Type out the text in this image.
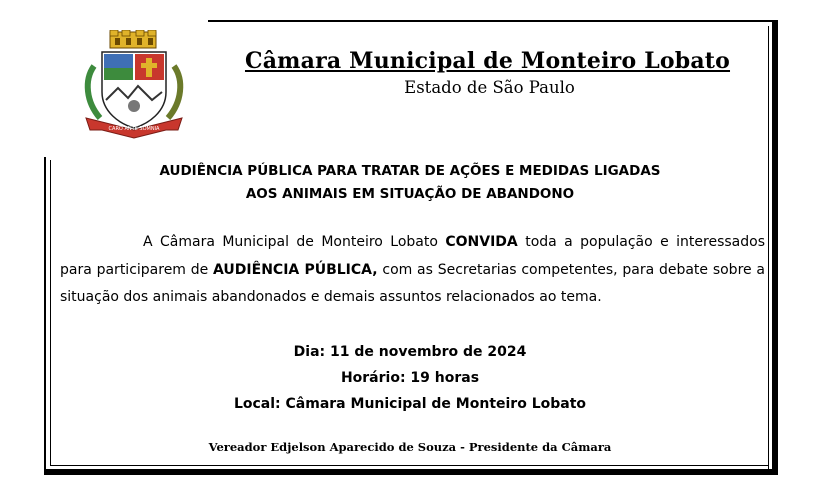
CARO ANTE SOMNIA
Câmara Municipal de Monteiro Lobato
Estado de São Paulo
AUDIÊNCIA PÚBLICA PARA TRATAR DE AÇÕES E MEDIDAS LIGADAS
AOS ANIMAIS EM SITUAÇÃO DE ABANDONO

A Câmara Municipal de Monteiro Lobato CONVIDA toda a população e interessados para participarem de AUDIÊNCIA PÚBLICA, com as Secretarias competentes, para debate sobre a situação dos animais abandonados e demais assuntos relacionados ao tema.

Dia: 11 de novembro de 2024
Horário: 19 horas
Local: Câmara Municipal de Monteiro Lobato
Vereador Edjelson Aparecido de Souza - Presidente da Câmara
